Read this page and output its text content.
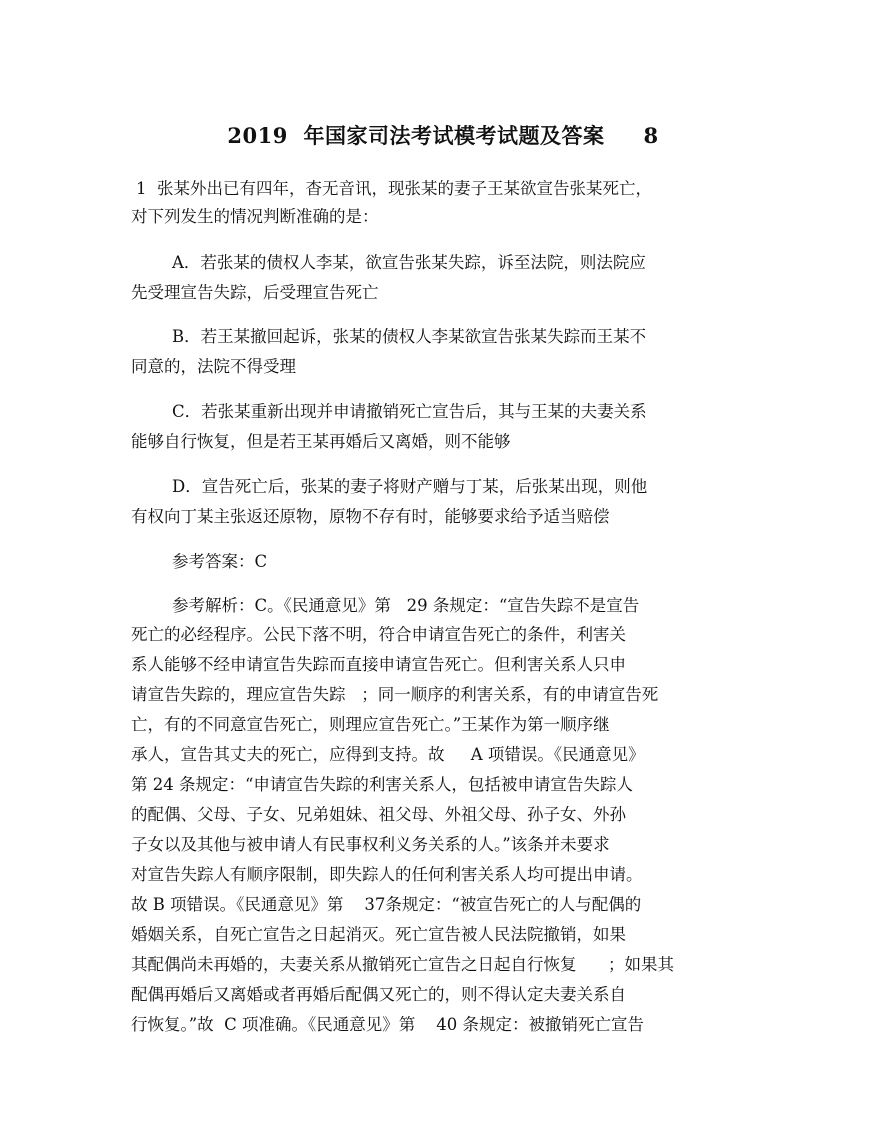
2019  年国家司法考试模考试题及答案     8
1  张某外出已有四年，杳无音讯，现张某的妻子王某欲宣告张某死亡，
对下列发生的情况判断准确的是：
A．若张某的债权人李某，欲宣告张某失踪，诉至法院，则法院应
先受理宣告失踪，后受理宣告死亡
B．若王某撤回起诉，张某的债权人李某欲宣告张某失踪而王某不
同意的，法院不得受理
C．若张某重新出现并申请撤销死亡宣告后，其与王某的夫妻关系
能够自行恢复，但是若王某再婚后又离婚，则不能够
D．宣告死亡后，张某的妻子将财产赠与丁某，后张某出现，则他
有权向丁某主张返还原物，原物不存有时，能够要求给予适当赔偿
参考答案：C
参考解析：C。《民通意见》第   29 条规定：“宣告失踪不是宣告
死亡的必经程序。公民下落不明，符合申请宣告死亡的条件，利害关
系人能够不经申请宣告失踪而直接申请宣告死亡。但利害关系人只申
请宣告失踪的，理应宣告失踪   ；同一顺序的利害关系，有的申请宣告死
亡，有的不同意宣告死亡，则理应宣告死亡。”王某作为第一顺序继
承人，宣告其丈夫的死亡，应得到支持。故     A 项错误。《民通意见》
第 24 条规定：“申请宣告失踪的利害关系人，包括被申请宣告失踪人
的配偶、父母、子女、兄弟姐妹、祖父母、外祖父母、孙子女、外孙
子女以及其他与被申请人有民事权利义务关系的人。”该条并未要求
对宣告失踪人有顺序限制，即失踪人的任何利害关系人均可提出申请。
故 B 项错误。《民通意见》第    37条规定：“被宣告死亡的人与配偶的
婚姻关系，自死亡宣告之日起消灭。死亡宣告被人民法院撤销，如果
其配偶尚未再婚的，夫妻关系从撤销死亡宣告之日起自行恢复      ；如果其
配偶再婚后又离婚或者再婚后配偶又死亡的，则不得认定夫妻关系自
行恢复。”故  C 项准确。《民通意见》第    40 条规定：被撤销死亡宣告
